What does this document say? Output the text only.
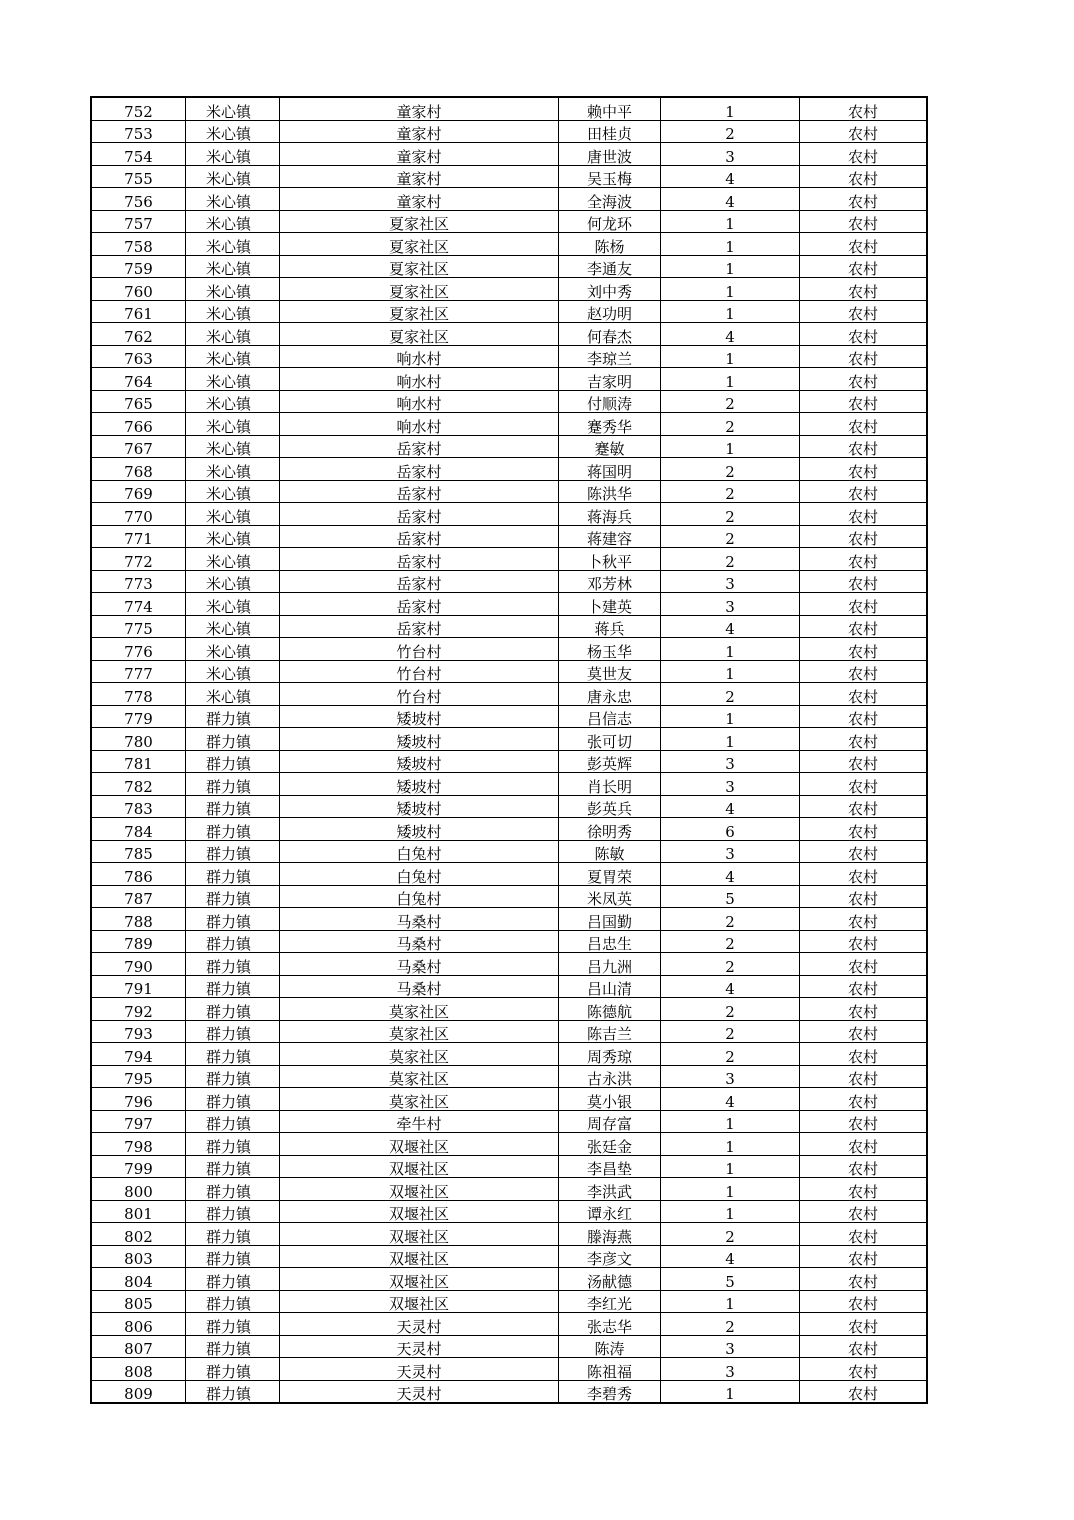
752	米心镇	童家村	赖中平	1	农村
753	米心镇	童家村	田桂贞	2	农村
754	米心镇	童家村	唐世波	3	农村
755	米心镇	童家村	吴玉梅	4	农村
756	米心镇	童家村	全海波	4	农村
757	米心镇	夏家社区	何龙环	1	农村
758	米心镇	夏家社区	陈杨	1	农村
759	米心镇	夏家社区	李通友	1	农村
760	米心镇	夏家社区	刘中秀	1	农村
761	米心镇	夏家社区	赵功明	1	农村
762	米心镇	夏家社区	何春杰	4	农村
763	米心镇	响水村	李琼兰	1	农村
764	米心镇	响水村	吉家明	1	农村
765	米心镇	响水村	付顺涛	2	农村
766	米心镇	响水村	蹇秀华	2	农村
767	米心镇	岳家村	蹇敏	1	农村
768	米心镇	岳家村	蒋国明	2	农村
769	米心镇	岳家村	陈洪华	2	农村
770	米心镇	岳家村	蒋海兵	2	农村
771	米心镇	岳家村	蒋建容	2	农村
772	米心镇	岳家村	卜秋平	2	农村
773	米心镇	岳家村	邓芳林	3	农村
774	米心镇	岳家村	卜建英	3	农村
775	米心镇	岳家村	蒋兵	4	农村
776	米心镇	竹台村	杨玉华	1	农村
777	米心镇	竹台村	莫世友	1	农村
778	米心镇	竹台村	唐永忠	2	农村
779	群力镇	矮坡村	吕信志	1	农村
780	群力镇	矮坡村	张可切	1	农村
781	群力镇	矮坡村	彭英辉	3	农村
782	群力镇	矮坡村	肖长明	3	农村
783	群力镇	矮坡村	彭英兵	4	农村
784	群力镇	矮坡村	徐明秀	6	农村
785	群力镇	白兔村	陈敏	3	农村
786	群力镇	白兔村	夏胃荣	4	农村
787	群力镇	白兔村	米凤英	5	农村
788	群力镇	马桑村	吕国勤	2	农村
789	群力镇	马桑村	吕忠生	2	农村
790	群力镇	马桑村	吕九洲	2	农村
791	群力镇	马桑村	吕山清	4	农村
792	群力镇	莫家社区	陈德航	2	农村
793	群力镇	莫家社区	陈吉兰	2	农村
794	群力镇	莫家社区	周秀琼	2	农村
795	群力镇	莫家社区	古永洪	3	农村
796	群力镇	莫家社区	莫小银	4	农村
797	群力镇	牵牛村	周存富	1	农村
798	群力镇	双堰社区	张廷金	1	农村
799	群力镇	双堰社区	李昌垫	1	农村
800	群力镇	双堰社区	李洪武	1	农村
801	群力镇	双堰社区	谭永红	1	农村
802	群力镇	双堰社区	滕海燕	2	农村
803	群力镇	双堰社区	李彦文	4	农村
804	群力镇	双堰社区	汤献德	5	农村
805	群力镇	双堰社区	李红光	1	农村
806	群力镇	天灵村	张志华	2	农村
807	群力镇	天灵村	陈涛	3	农村
808	群力镇	天灵村	陈祖福	3	农村
809	群力镇	天灵村	李碧秀	1	农村
